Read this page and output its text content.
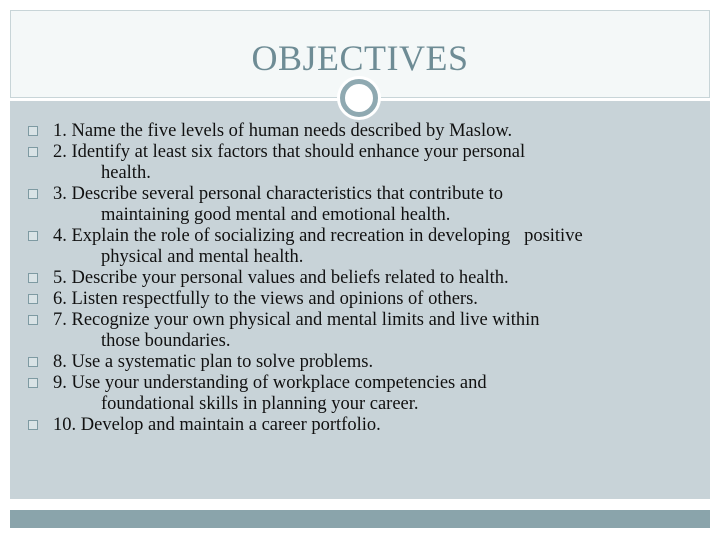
OBJECTIVES
1. Name the five levels of human needs described by Maslow.
2. Identify at least six factors that should enhance your personal
health.
3. Describe several personal characteristics that contribute to
maintaining good mental and emotional health.
4. Explain the role of socializing and recreation in developing   positive
physical and mental health.
5. Describe your personal values and beliefs related to health.
6. Listen respectfully to the views and opinions of others.
7. Recognize your own physical and mental limits and live within
those boundaries.
8. Use a systematic plan to solve problems.
9. Use your understanding of workplace competencies and
foundational skills in planning your career.
10. Develop and maintain a career portfolio.
